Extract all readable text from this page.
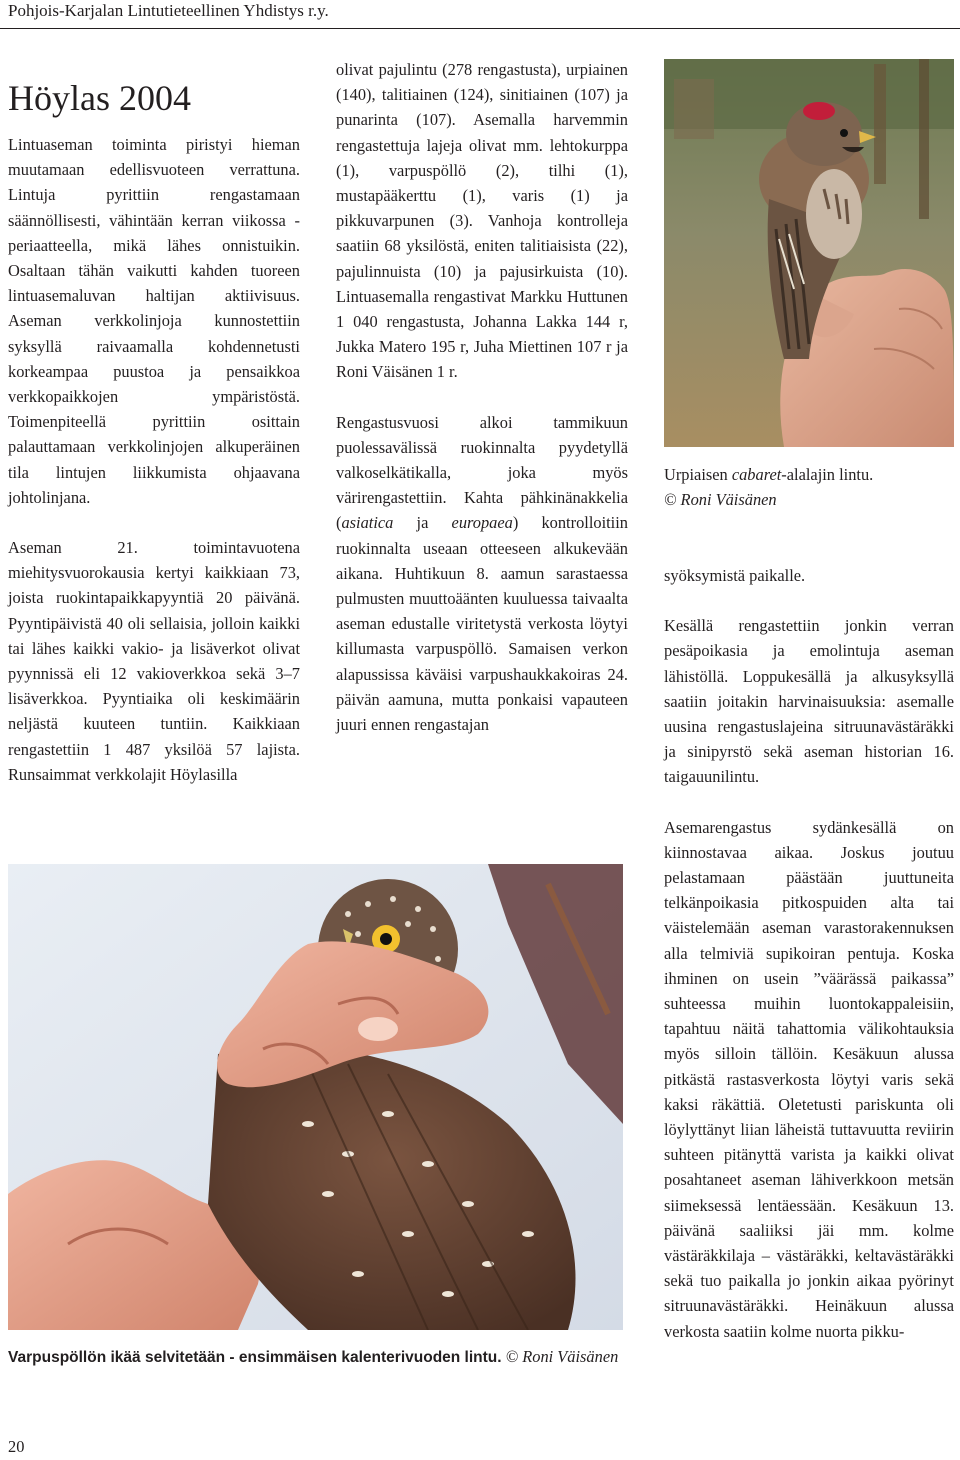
Pohjois-Karjalan Lintutieteellinen Yhdistys r.y.
Höylas 2004

Lintuaseman toiminta piristyi hieman muutamaan edellisvuoteen verrattuna. Lintuja pyrittiin rengastamaan säännöllisesti, vähintään kerran viikossa -periaatteella, mikä lähes onnistuikin. Osaltaan tähän vaikutti kahden tuoreen lintuasemaluvan haltijan aktiivisuus. Aseman verkkolinjoja kunnostettiin syksyllä raivaamalla kohdennetusti korkeampaa puustoa ja pensaikkoa verkkopaikkojen ympäristöstä. Toimenpiteellä pyrittiin osittain palauttamaan verkkolinjojen alkuperäinen tila lintujen liikkumista ohjaavana johtolinjana.

Aseman 21. toimintavuotena miehitysvuorokausia kertyi kaikkiaan 73, joista ruokintapaikkapyyntiä 20 päivänä. Pyyntipäivistä 40 oli sellaisia, jolloin kaikki tai lähes kaikki vakio- ja lisäverkot olivat pyynnissä eli 12 vakioverkkoa sekä 3–7 lisäverkkoa. Pyyntiaika oli keskimäärin neljästä kuuteen tuntiin. Kaikkiaan rengastettiin 1 487 yksilöä 57 lajista. Runsaimmat verkkolajit Höylasilla

olivat pajulintu (278 rengastusta), urpiainen (140), talitiainen (124), sinitiainen (107) ja punarinta (107). Asemalla harvemmin rengastettuja lajeja olivat mm. lehtokurppa (1), varpuspöllö (2), tilhi (1), mustapääkerttu (1), varis (1) ja pikkuvarpunen (3). Vanhoja kontrolleja saatiin 68 yksilöstä, eniten talitiaisista (22), pajulinnuista (10) ja pajusirkuista (10). Lintuasemalla rengastivat Markku Huttunen 1 040 rengastusta, Johanna Lakka 144 r, Jukka Matero 195 r, Juha Miettinen 107 r ja Roni Väisänen 1 r.

Rengastusvuosi alkoi tammikuun puolessavälissä ruokinnalta pyydetyllä valkoselkätikalla, joka myös värirengastettiin. Kahta pähkinänakkelia (asiatica ja europaea) kontrolloitiin ruokinnalta useaan otteeseen alkukevään aikana. Huhtikuun 8. aamun sarastaessa pulmusten muuttoäänten kuuluessa taivaalta aseman edustalle viritetystä verkosta löytyi killumasta varpuspöllö. Samaisen verkon alapussissa käväisi varpushaukkakoiras 24. päivän aamuna, mutta ponkaisi vapauteen juuri ennen rengastajan

Urpiaisen cabaret-alalajin lintu.
© Roni Väisänen

syöksymistä paikalle.

Kesällä rengastettiin jonkin verran pesäpoikasia ja emolintuja aseman lähistöllä. Loppukesällä ja alkusyksyllä saatiin joitakin harvinaisuuksia: asemalle uusina rengastuslajeina sitruunavästäräkki ja sinipyrstö sekä aseman historian 16. taigauunilintu.

Asemarengastus sydänkesällä on kiinnostavaa aikaa. Joskus joutuu pelastamaan päästään juuttuneita telkänpoikasia pitkospuiden alta tai väistelemään aseman varastorakennuksen alla telmiviä supikoiran pentuja. Koska ihminen on usein ”väärässä paikassa” suhteessa muihin luontokappaleisiin, tapahtuu näitä tahattomia välikohtauksia myös silloin tällöin. Kesäkuun alussa pitkästä rastasverkosta löytyi varis sekä kaksi räkättiä. Oletetusti pariskunta oli löylyttänyt liian läheistä tuttavuutta reviirin suhteen pitänyttä varista ja kaikki olivat posahtaneet aseman lähiverkkoon metsän siimeksessä lentäessään. Kesäkuun 13. päivänä saaliiksi jäi mm. kolme västäräkkilaja – västäräkki, keltavästäräkki sekä tuo paikalla jo jonkin aikaa pyörinyt sitruunavästäräkki. Heinäkuun alussa verkosta saatiin kolme nuorta pikku-

Varpuspöllön ikää selvitetään - ensimmäisen kalenterivuoden lintu. © Roni Väisänen
20
